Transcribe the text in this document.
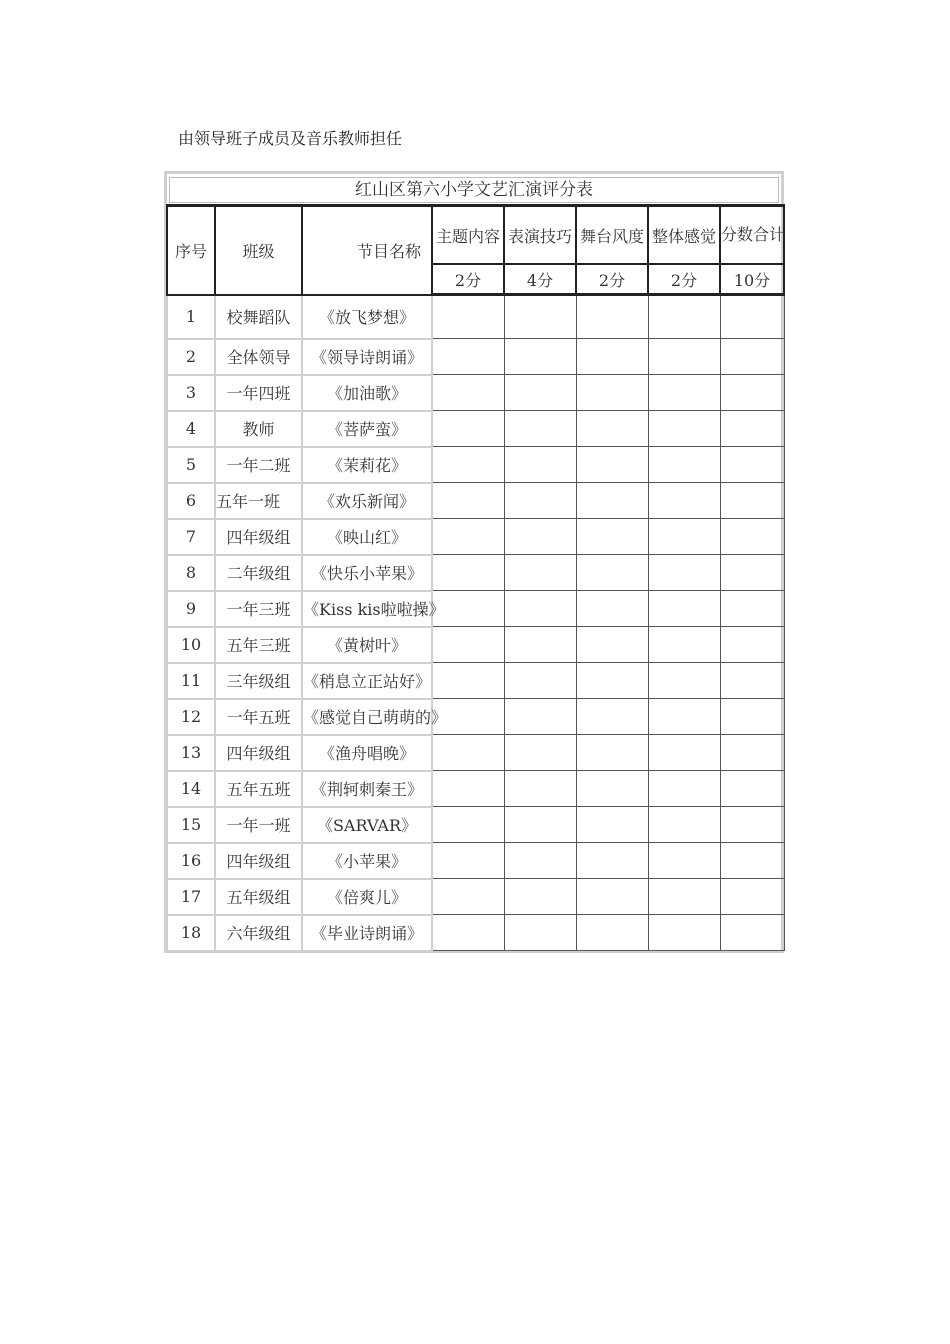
由领导班子成员及音乐教师担任
红山区第六小学文艺汇演评分表
序号	班级	节目名称	主题内容	表演技巧	舞台风度	整体感觉	分数合计
			2分	4分	2分	2分	10分
1	校舞蹈队	《放飞梦想》					
2	全体领导	《领导诗朗诵》					
3	一年四班	《加油歌》					
4	教师	《菩萨蛮》					
5	一年二班	《茉莉花》					
6	五年一班	《欢乐新闻》					
7	四年级组	《映山红》					
8	二年级组	《快乐小苹果》					
9	一年三班	《Kiss kis啦啦操》					
10	五年三班	《黄树叶》					
11	三年级组	《稍息立正站好》					
12	一年五班	《感觉自己萌萌的》					
13	四年级组	《渔舟唱晚》					
14	五年五班	《荆轲刺秦王》					
15	一年一班	《SARVAR》					
16	四年级组	《小苹果》					
17	五年级组	《倍爽儿》					
18	六年级组	《毕业诗朗诵》					
